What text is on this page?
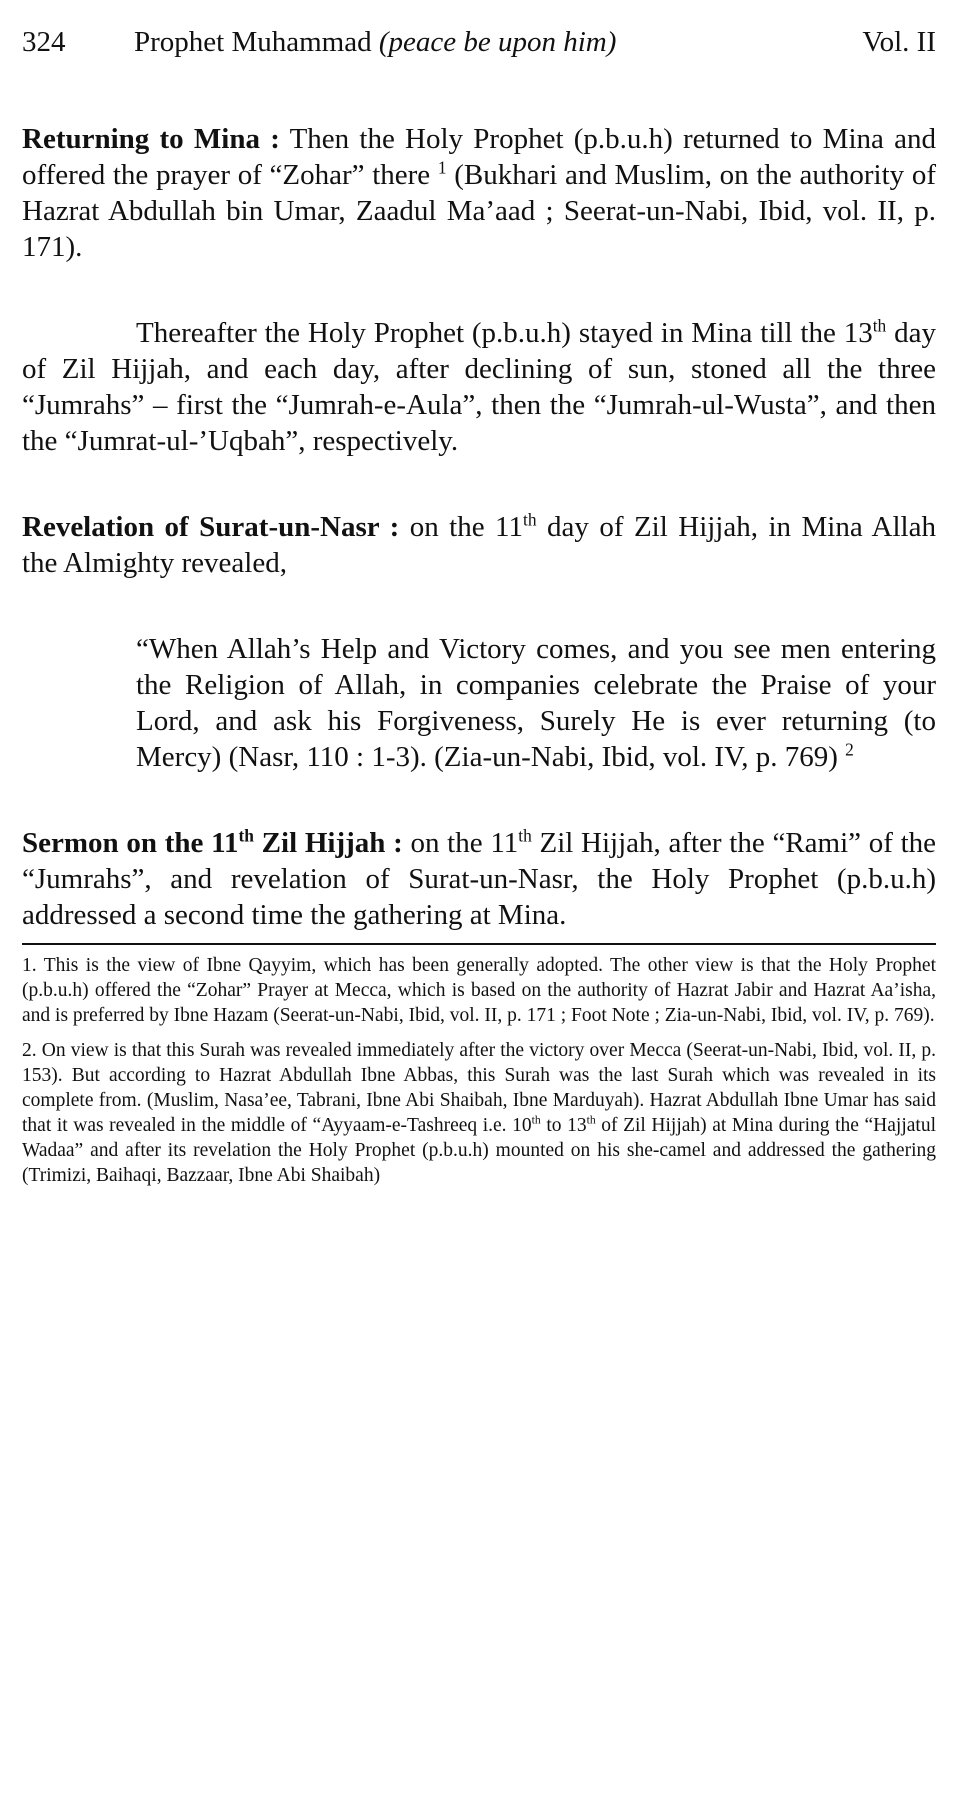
324	Prophet Muhammad (peace be upon him)	Vol. II

Returning to Mina : Then the Holy Prophet (p.b.u.h) returned to Mina and offered the prayer of “Zohar” there $^1$ (Bukhari and Muslim, on the authority of Hazrat Abdullah bin Umar, Zaadul Ma’aad ; Seerat-un-Nabi, Ibid, vol. II, p. 171).

Thereafter the Holy Prophet (p.b.u.h) stayed in Mina till the 13th day of Zil Hijjah, and each day, after declining of sun, stoned all the three “Jumrahs” – first the “Jumrah-e-Aula”, then the “Jumrah-ul-Wusta”, and then the “Jumrat-ul-’Uqbah”, respectively.

Revelation of Surat-un-Nasr : on the 11th day of Zil Hijjah, in Mina Allah the Almighty revealed,

“When Allah’s Help and Victory comes, and you see men entering the Religion of Allah, in companies celebrate the Praise of your Lord, and ask his Forgiveness, Surely He is ever returning (to Mercy) (Nasr, 110 : 1-3). (Zia-un-Nabi, Ibid, vol. IV, p. 769) $^2$

Sermon on the 11th Zil Hijjah : on the 11th Zil Hijjah, after the “Rami” of the “Jumrahs”, and revelation of Surat-un-Nasr, the Holy Prophet (p.b.u.h) addressed a second time the gathering at Mina.

1. This is the view of Ibne Qayyim, which has been generally adopted. The other view is that the Holy Prophet (p.b.u.h) offered the “Zohar” Prayer at Mecca, which is based on the authority of Hazrat Jabir and Hazrat Aa’isha, and is preferred by Ibne Hazam (Seerat-un-Nabi, Ibid, vol. II, p. 171 ; Foot Note ; Zia-un-Nabi, Ibid, vol. IV, p. 769).

2. On view is that this Surah was revealed immediately after the victory over Mecca (Seerat-un-Nabi, Ibid, vol. II, p. 153). But according to Hazrat Abdullah Ibne Abbas, this Surah was the last Surah which was revealed in its complete from. (Muslim, Nasa’ee, Tabrani, Ibne Abi Shaibah, Ibne Marduyah). Hazrat Abdullah Ibne Umar has said that it was revealed in the middle of “Ayyaam-e-Tashreeq i.e. 10th to 13th of Zil Hijjah) at Mina during the “Hajjatul Wadaa” and after its revelation the Holy Prophet (p.b.u.h) mounted on his she-camel and addressed the gathering (Trimizi, Baihaqi, Bazzaar, Ibne Abi Shaibah)
